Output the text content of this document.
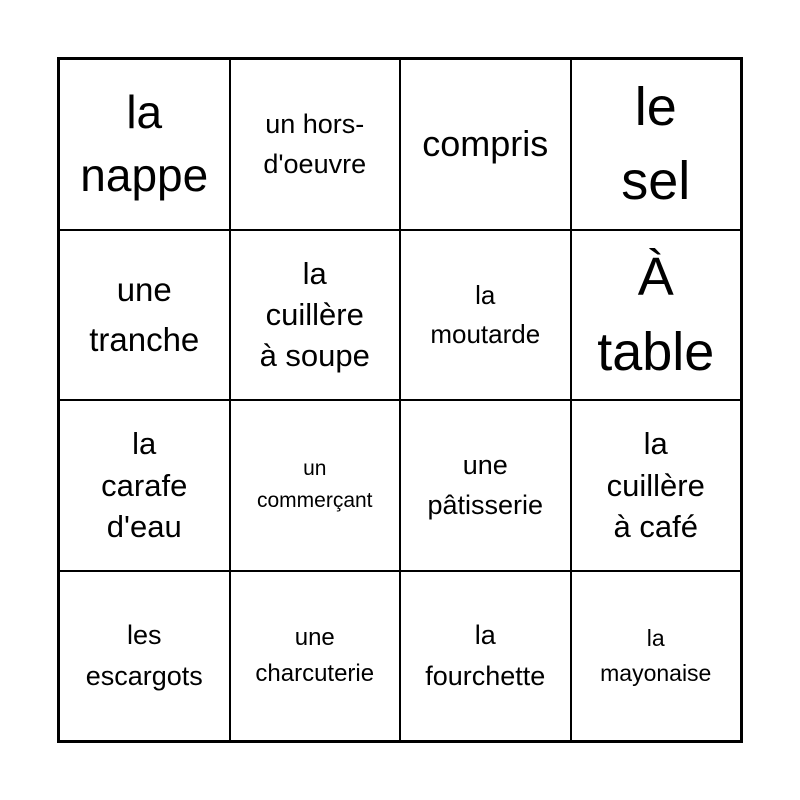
la
nappe
un hors-
d'oeuvre
compris
le
sel
une
tranche
la
cuillère
à soupe
la
moutarde
À
table
la
carafe
d'eau
un
commerçant
une
pâtisserie
la
cuillère
à café
les
escargots
une
charcuterie
la
fourchette
la
mayonaise
